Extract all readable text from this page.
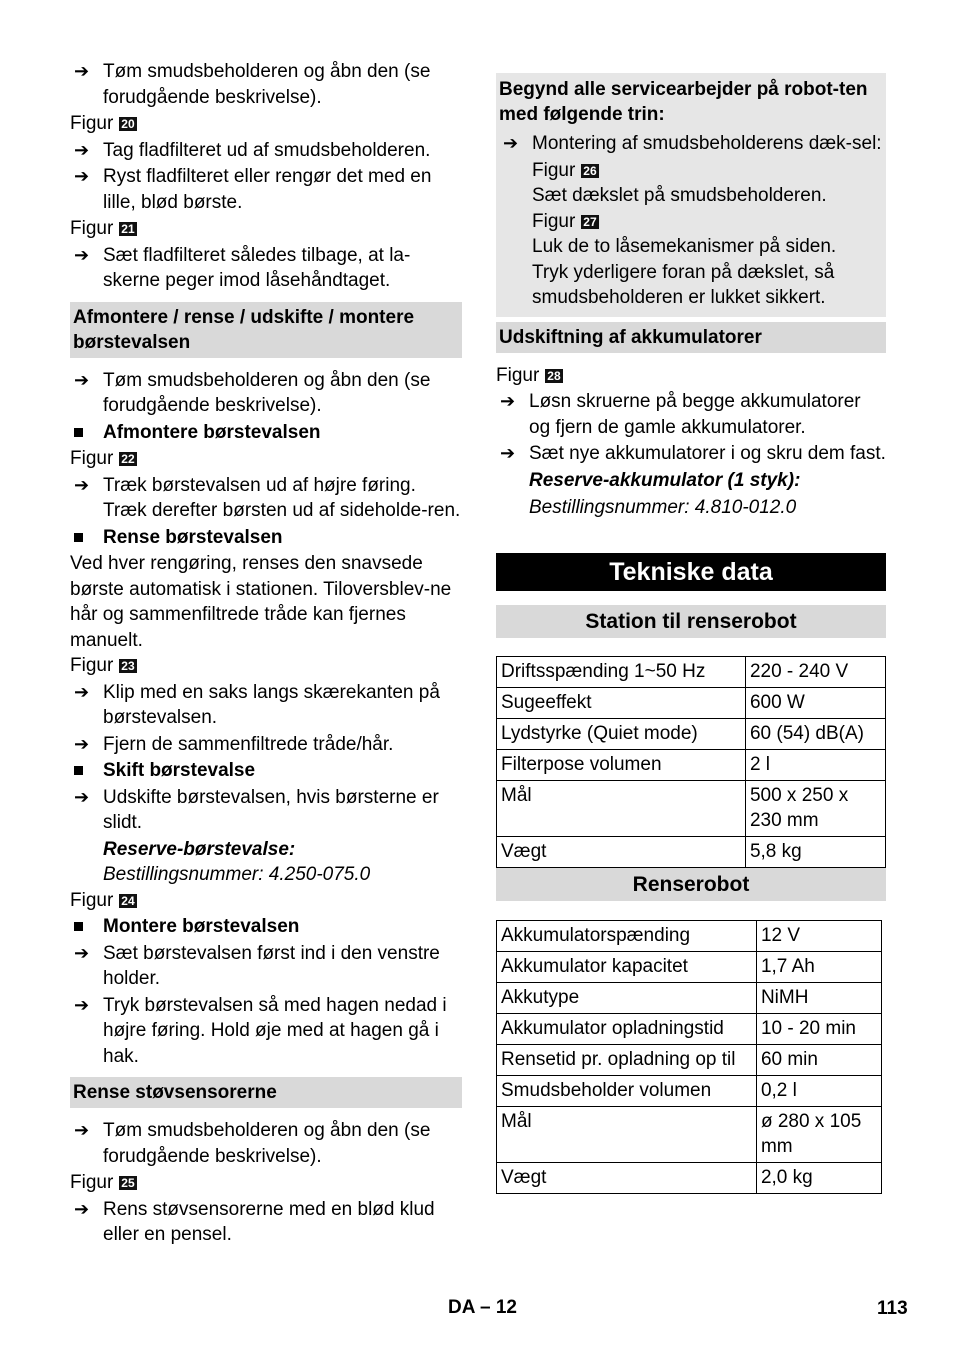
➔ Tøm smudsbeholderen og åbn den (se forudgående beskrivelse).
Figur 20
➔ Tag fladfilteret ud af smudsbeholderen.
➔ Ryst fladfilteret eller rengør det med en lille, blød børste.
Figur 21
➔ Sæt fladfilteret således tilbage, at la-skerne peger imod låsehåndtaget.
Afmontere / rense / udskifte / montere børstevalsen
➔ Tøm smudsbeholderen og åbn den (se forudgående beskrivelse).
Afmontere børstevalsen
Figur 22
➔ Træk børstevalsen ud af højre føring. Træk derefter børsten ud af sideholde-ren.
Rense børstevalsen
Ved hver rengøring, renses den snavsede børste automatisk i stationen. Tiloversblev-ne hår og sammenfiltrede tråde kan fjernes manuelt.
Figur 23
➔ Klip med en saks langs skærekanten på børstevalsen.
➔ Fjern de sammenfiltrede tråde/hår.
Skift børstevalse
➔ Udskifte børstevalsen, hvis børsterne er slidt.
Reserve-børstevalse:
Bestillingsnummer: 4.250-075.0
Figur 24
Montere børstevalsen
➔ Sæt børstevalsen først ind i den venstre holder.
➔ Tryk børstevalsen så med hagen nedad i højre føring. Hold øje med at hagen gå i hak.
Rense støvsensorerne
➔ Tøm smudsbeholderen og åbn den (se forudgående beskrivelse).
Figur 25
➔ Rens støvsensorerne med en blød klud eller en pensel.
Begynd alle servicearbejder på robot-ten med følgende trin:
➔ Montering af smudsbeholderens dæk-sel:
Figur 26
Sæt dækslet på smudsbeholderen.
Figur 27
Luk de to låsemekanismer på siden.
Tryk yderligere foran på dækslet, så smudsbeholderen er lukket sikkert.
Udskiftning af akkumulatorer
Figur 28
➔ Løsn skruerne på begge akkumulatorer og fjern de gamle akkumulatorer.
➔ Sæt nye akkumulatorer i og skru dem fast.
Reserve-akkumulator (1 styk):
Bestillingsnummer: 4.810-012.0
Tekniske data
Station til renserobot
Driftsspænding 1~50 Hz	220 - 240 V
Sugeeffekt	600 W
Lydstyrke (Quiet mode)	60 (54) dB(A)
Filterpose volumen	2 l
Mål	500 x 250 x 230 mm
Vægt	5,8 kg
Renserobot
Akkumulatorspænding	12 V
Akkumulator kapacitet	1,7 Ah
Akkutype	NiMH
Akkumulator opladningstid	10 - 20 min
Rensetid pr. opladning op til	60 min
Smudsbeholder volumen	0,2 l
Mål	ø 280 x 105 mm
Vægt	2,0 kg
DA – 12	113
